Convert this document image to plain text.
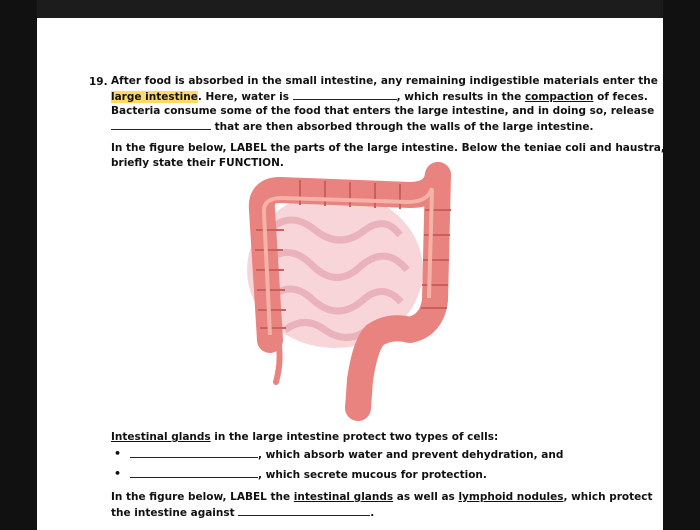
19. After food is absorbed in the small intestine, any remaining indigestible materials enter the
large intestine. Here, water is	, which results in the compaction of feces.
Bacteria consume some of the food that enters the large intestine, and in doing so, release
that are then absorbed through the walls of the large intestine.
In the figure below, LABEL the parts of the large intestine. Below the teniae coli and haustra,
briefly state their FUNCTION.
Intestinal glands in the large intestine protect two types of cells:
•	, which absorb water and prevent dehydration, and
•	, which secrete mucous for protection.
In the figure below, LABEL the intestinal glands as well as lymphoid nodules, which protect
the intestine against	.
